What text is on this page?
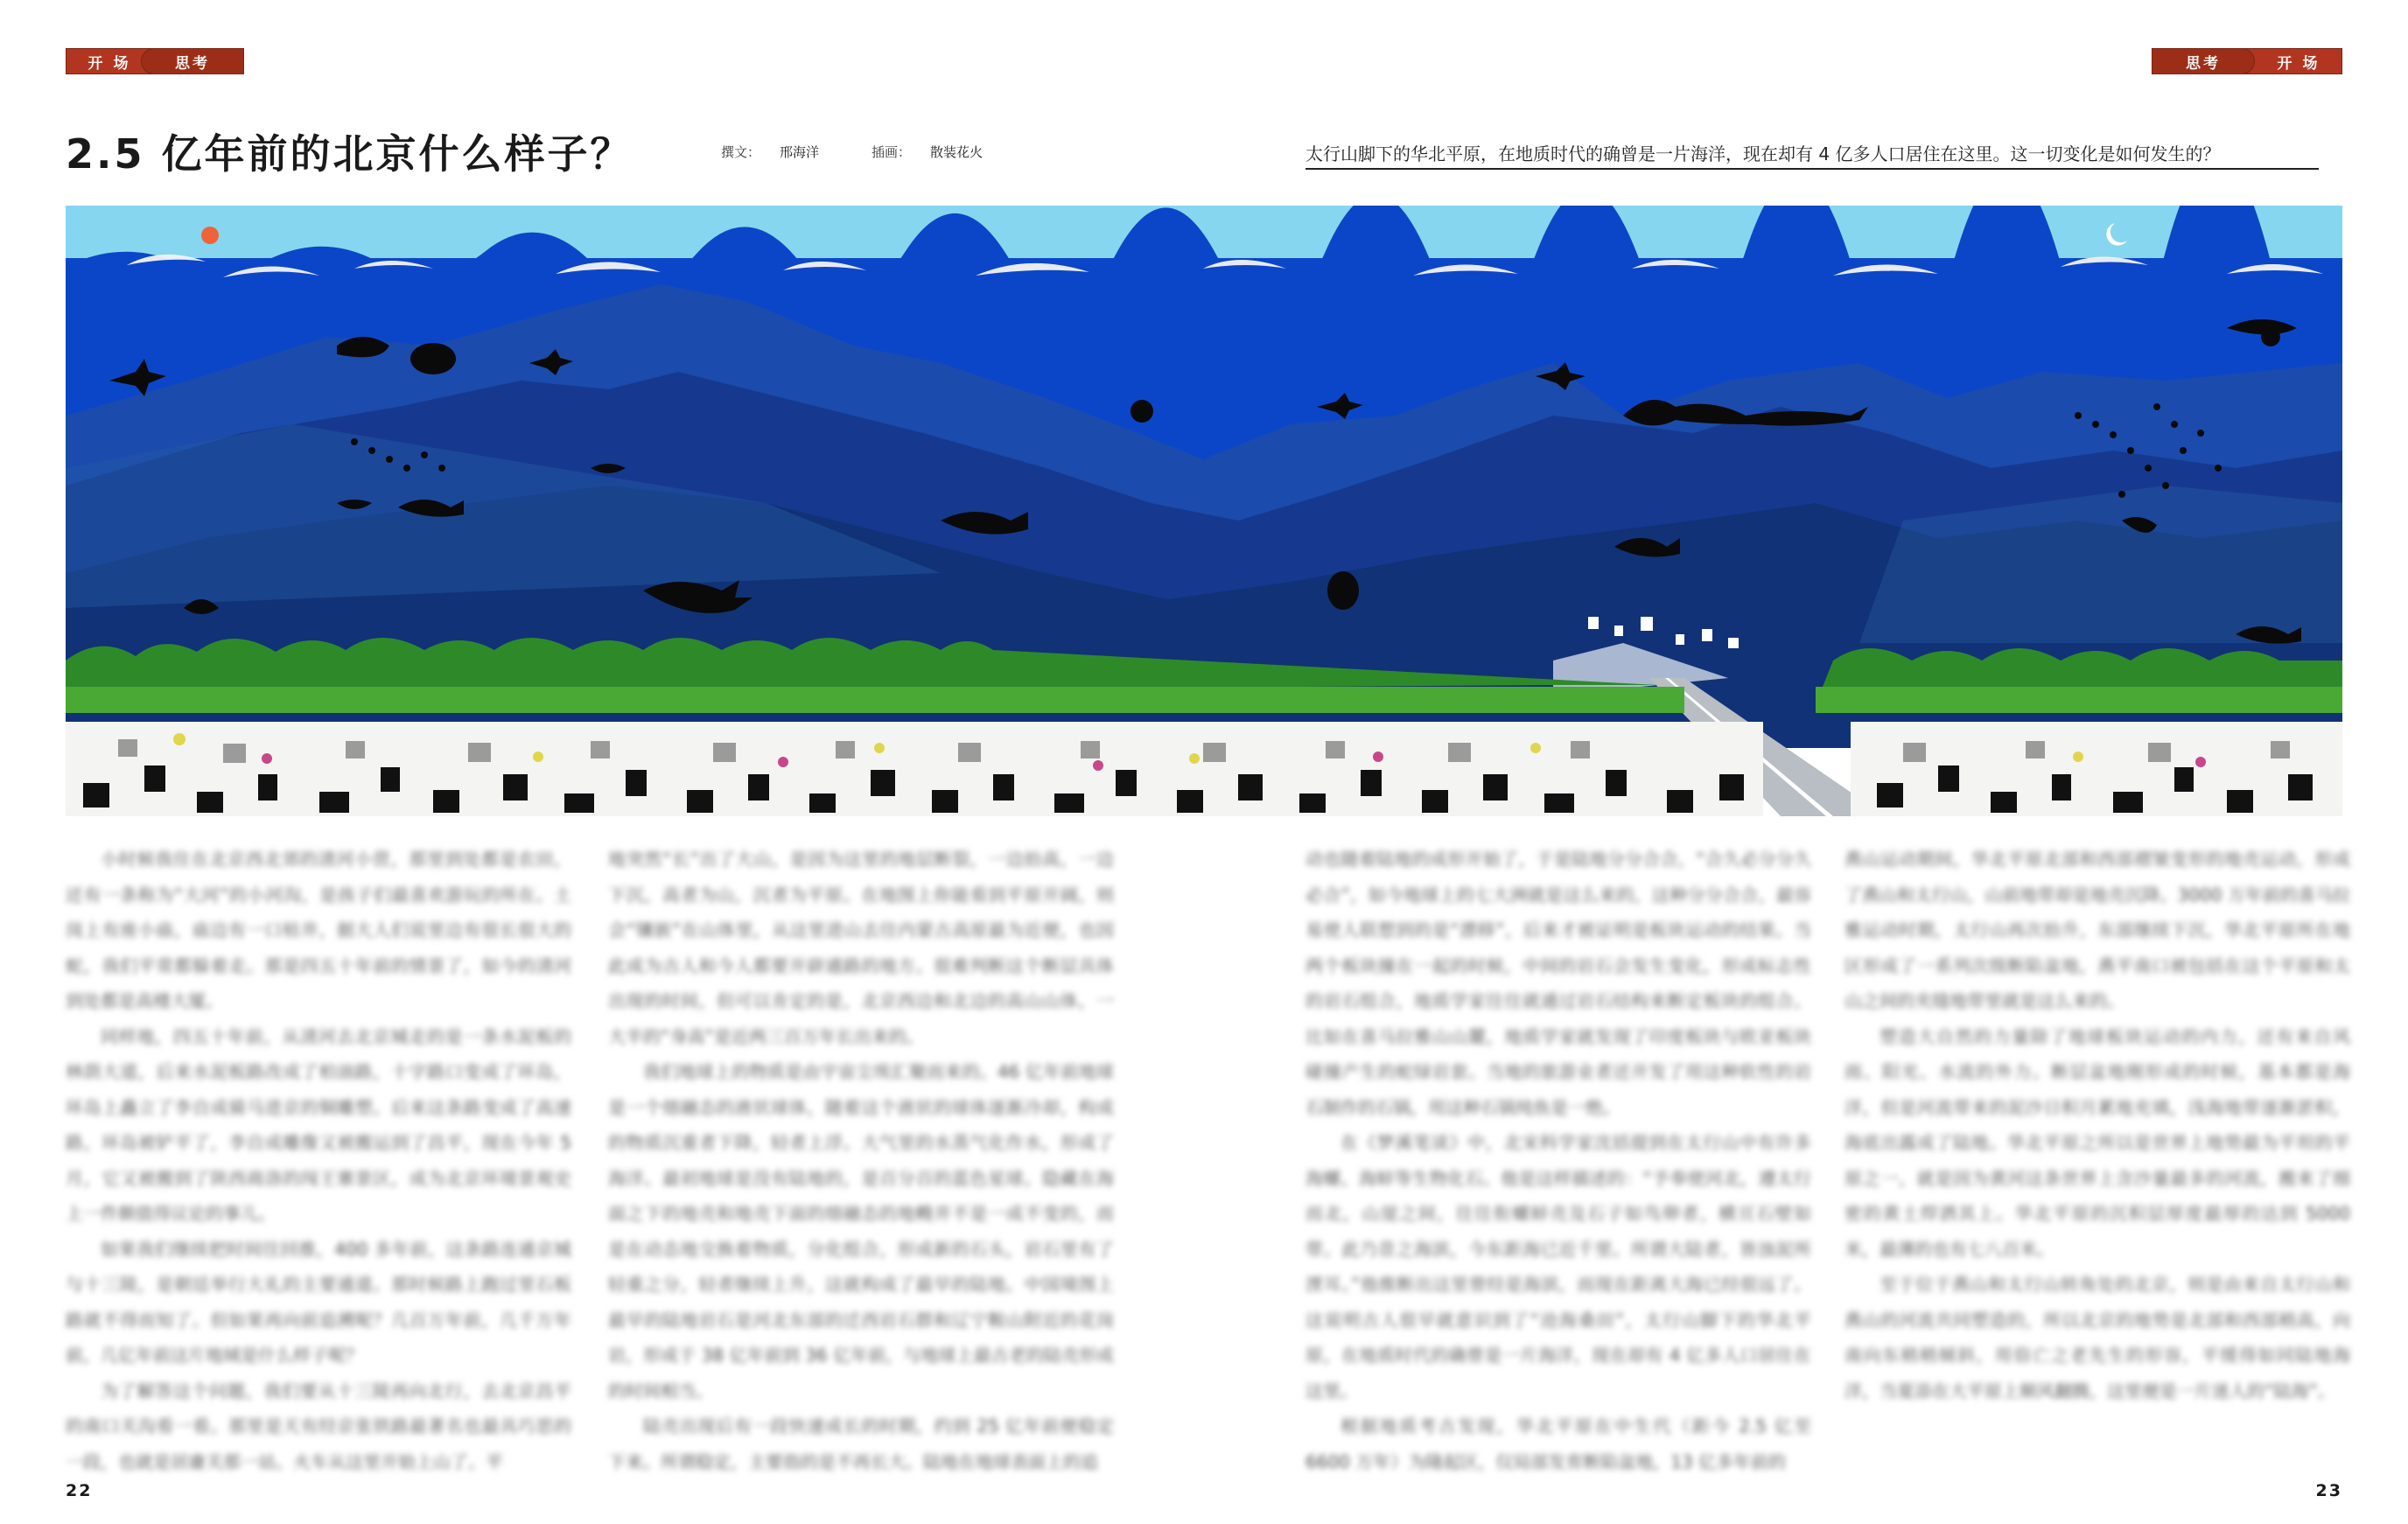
开 场	思考	思考	开 场
2.5 亿年前的北京什么样子？	撰文： 邢海洋	插画： 散装花火	太行山脚下的华北平原，在地质时代的确曾是一片海洋，现在却有 4 亿多人口居住在这里。这一切变化是如何发生的？

小时候我住在北京西北郊的清河小营，那里到处都是农田，还有一条称为“大河”的小河沟，是孩子们最喜欢游玩的所在。土岗上有座小庙，庙边有一口枯井，据大人们说里边有很长很大的蛇，我们平常都躲着走。那是四五十年前的情景了，如今的清河到处都是高楼大厦。

同样地，四五十年前，从清河去北京城走的是一条水泥板的林荫大道，后来水泥板路改成了柏油路，十字路口变成了环岛，环岛上矗立了李自成骑马进京的铜雕塑。后来这条路变成了高速路，环岛被铲平了，李自成雕像又被搬运到了昌平，现在今年 5 月，它又被搬到了陕西商洛的闯王寨景区，成为北京环境景观史上一件颇值得议论的事儿。

如果我们继续把时间往回推，400 多年前，这条路连通京城与十三陵，是朝廷举行大礼的主要通道。那时候路上跑过里石板路就不得而知了。但如果再向前追溯呢？几百万年前，几千万年前，几亿年前这片地域是什么样子呢？

为了解答这个问题，我们要从十三陵再向北行，去北京昌平的南口关沟看一看。那里是天有经京张铁路最著名也最具巧思的一段，也就是居庸关那一站。火车从这里开始上山了。平

地突然“长”出了大山，是因为这里的地层断裂，一边抬高，一边下沉，高者为山，沉者为平原。在地图上你能看到平原开阔，则会“镶嵌”在山体里，从这里进山去往内蒙古高原最为近便，也因此成为古人和今人都要开辟通路的地方。很难判断这个断层具体出现的时间，但可以肯定的是，北京西边和北边的高山山体，一大半的“身高”是近两三百万年长出来的。

我们地球上的物质是由宇宙尘埃汇聚而来的。46 亿年前地球是一个熔融态的液状球体，随着这个液状的球体逐渐冷却，构成的物质沉重者下降，轻者上浮。大气里的水蒸气化作水，形成了海洋。最初地球是没有陆地的，是百分百的蓝色星球。隐藏在海面之下的地壳和地壳下面的熔融态的地幔并不是一成不变的，而是在动态地交换着物质，分化组合，形成新的石头，岩石里有了轻重之分，轻者继续上升，这就构成了最早的陆地。中国境图上最早的陆地岩石是河北东部的迁西岩石群和辽宁鞍山附近的花岗岩，形成于 38 亿年前到 36 亿年前，与地球上最古老的陆壳形成的时间相当。

陆壳出现后有一段快速成长的时期，约到 25 亿年前便稳定下来。所谓稳定，主要指的是不再长大。陆地在地球表面上的追

动也随着陆地的成形开始了，于是陆地分分合合，“合久必分分久必合”，如今地球上的七大洲就是这么来的，这种分分合合，最容易使人联想到的是“漂移”，后来才被证明是板块运动的结果。当两个板块撞在一起的时候，中间的岩石会发生变化，形成标志性的岩石组合，地质学家往往就通过岩石结构来断定板块的组合。比如在喜马拉雅山山麓，地质学家就发现了印度板块与欧亚板块碰撞产生的蛇绿岩套。当地的旅游业者还开发了用这种软性的岩石制作的石锅，用这种石锅炖鱼是一绝。

在《梦溪笔谈》中，北宋科学家沈括提到在太行山中有许多海螺、海蚌等生物化石。他是这样描述的：“予奉使河北，遵太行而北，山崖之间，往往衔螺蚌壳及石子如鸟卵者，横亘石壁如带。此乃昔之海滨，今东距海已近千里。所谓大陆者，皆浊泥所湮耳。”他推断出这里曾经是海滨，而现在距离大海已经很远了。这说明古人很早就意识到了“沧海桑田”，太行山脚下的华北平原，在地质时代的确曾是一片海洋，现在却有 4 亿多人口居住在这里。

根据地质考古发现，华北平原在中生代（距今 2.5 亿至 6600 万年）为隆起区，仅局部发育断陷盆地，13 亿多年前的

燕山运动期间，华北平原北部和西部褶皱变形的地壳运动，形成了燕山和太行山，山前地带却是地壳沉降。3000 万年前的喜马拉雅运动时期，太行山再次抬升，东部继续下沉，华北平原所在地区形成了一系列次级断陷盆地，燕平南口被包括在这个平原和太山之间的夹缝地带里就是这么来的。

塑造大自然的力量除了地球板块运动的内力，还有来自风雨、阳光、水流的外力。断层盆地刚形成的时候，基本都是海洋，但是河流带来的泥沙日积月累地充填，浅海地带逐渐淤积，海底出露成了陆地。华北平原之所以是世界上地势最为平坦的平原之一，就是因为黄河这条世界上含沙量最多的河流，搬来了细密的黄土焊洒其上。华北平原的沉积层厚度最厚的达到 5000 米，最薄的也有七八百米。

至于位于燕山和太行山转角处的北京，则是由来自太行山和燕山的河流共同塑造的，所以北京的地势是北部和西部稍高，向南向东稍稍倾斜，用俗亡之老先生的形容，平缓得如同陆地海洋，当夏添在大平原上顺风翻腾，这里便是一片迷人的“陆海”。

22	23
